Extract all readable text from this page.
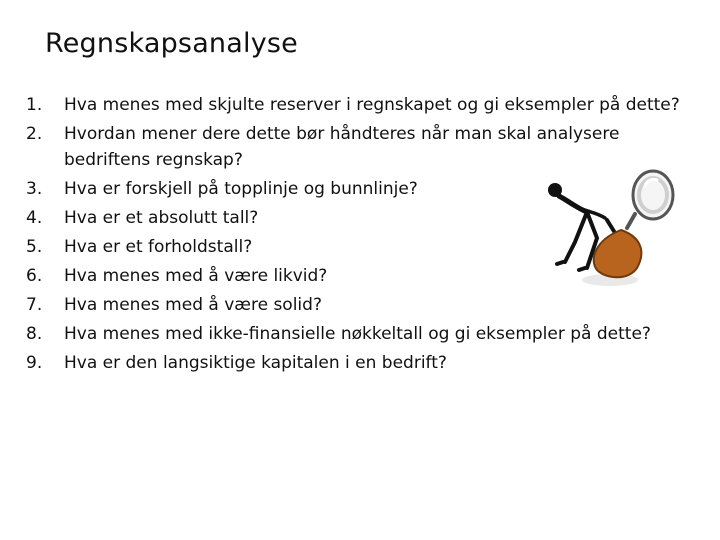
Regnskapsanalyse
1.	Hva menes med skjulte reserver i regnskapet og gi eksempler på dette?
2.	Hvordan mener dere dette bør håndteres når man skal analysere bedriftens regnskap?
3.	Hva er forskjell på topplinje og bunnlinje?
4.	Hva er et absolutt tall?
5.	Hva er et forholdstall?
6.	Hva menes med å være likvid?
7.	Hva menes med å være solid?
8.	Hva menes med ikke-finansielle nøkkeltall og gi eksempler på dette?
9.	Hva er den langsiktige kapitalen i en bedrift?
